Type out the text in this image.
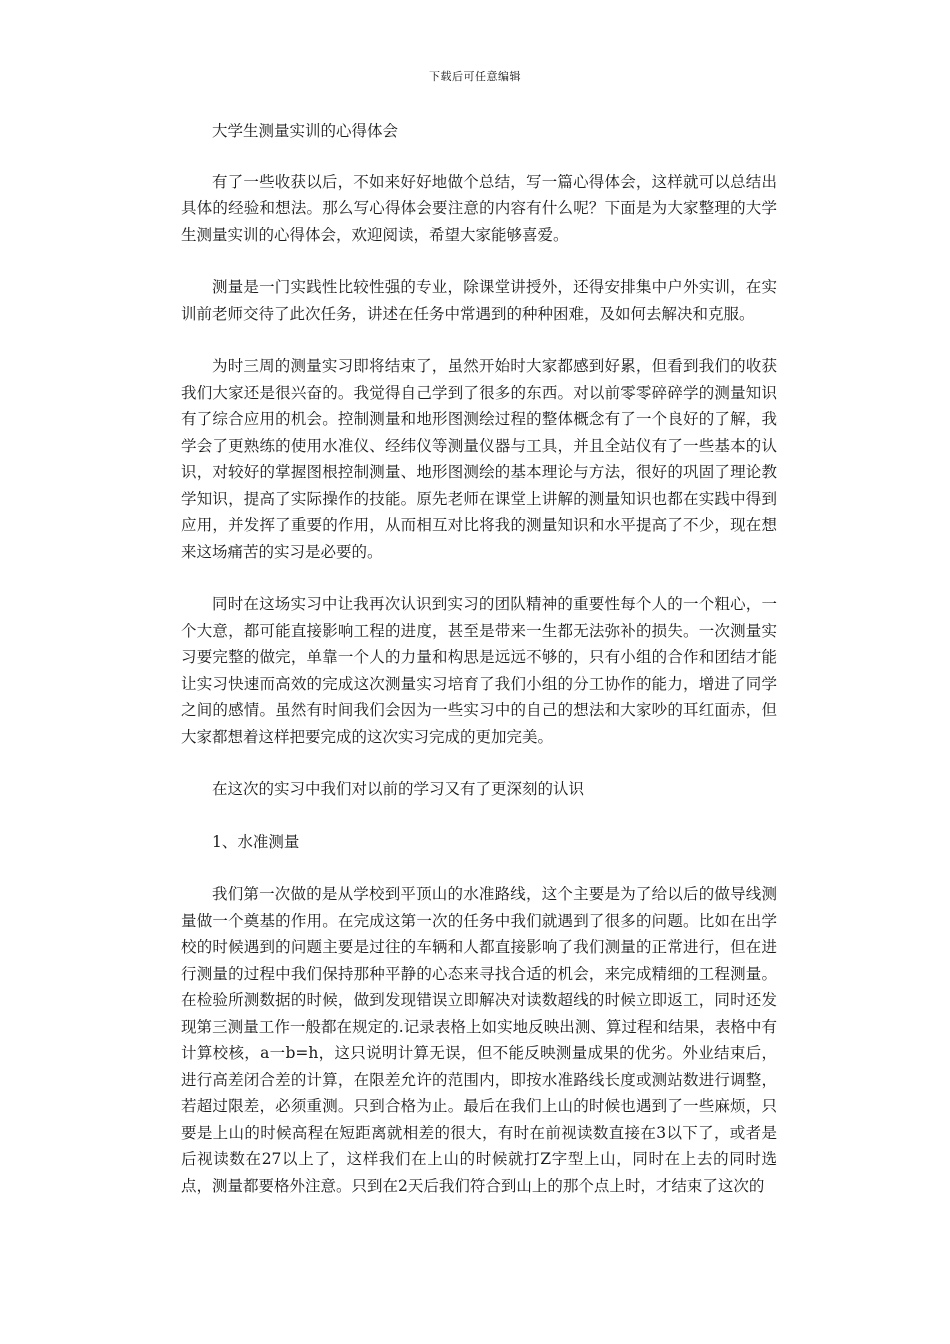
下载后可任意编辑

大学生测量实训的心得体会

有了一些收获以后，不如来好好地做个总结，写一篇心得体会，这样就可以总结出具体的经验和想法。那么写心得体会要注意的内容有什么呢？下面是为大家整理的大学生测量实训的心得体会，欢迎阅读，希望大家能够喜爱。

测量是一门实践性比较性强的专业，除课堂讲授外，还得安排集中户外实训，在实训前老师交待了此次任务，讲述在任务中常遇到的种种困难，及如何去解决和克服。

为时三周的测量实习即将结束了，虽然开始时大家都感到好累，但看到我们的收获我们大家还是很兴奋的。我觉得自己学到了很多的东西。对以前零零碎碎学的测量知识有了综合应用的机会。控制测量和地形图测绘过程的整体概念有了一个良好的了解，我学会了更熟练的使用水准仪、经纬仪等测量仪器与工具，并且全站仪有了一些基本的认识，对较好的掌握图根控制测量、地形图测绘的基本理论与方法，很好的巩固了理论教学知识，提高了实际操作的技能。原先老师在课堂上讲解的测量知识也都在实践中得到应用，并发挥了重要的作用，从而相互对比将我的测量知识和水平提高了不少，现在想来这场痛苦的实习是必要的。

同时在这场实习中让我再次认识到实习的团队精神的重要性每个人的一个粗心，一个大意，都可能直接影响工程的进度，甚至是带来一生都无法弥补的损失。一次测量实习要完整的做完，单靠一个人的力量和构思是远远不够的，只有小组的合作和团结才能让实习快速而高效的完成这次测量实习培育了我们小组的分工协作的能力，增进了同学之间的感情。虽然有时间我们会因为一些实习中的自己的想法和大家吵的耳红面赤，但大家都想着这样把要完成的这次实习完成的更加完美。

在这次的实习中我们对以前的学习又有了更深刻的认识

1、水准测量

我们第一次做的是从学校到平顶山的水准路线，这个主要是为了给以后的做导线测量做一个奠基的作用。在完成这第一次的任务中我们就遇到了很多的问题。比如在出学校的时候遇到的问题主要是过往的车辆和人都直接影响了我们测量的正常进行，但在进行测量的过程中我们保持那种平静的心态来寻找合适的机会，来完成精细的工程测量。在检验所测数据的时候，做到发现错误立即解决对读数超线的时候立即返工，同时还发现第三测量工作一般都在规定的.记录表格上如实地反映出测、算过程和结果，表格中有计算校核，a一b=h，这只说明计算无误，但不能反映测量成果的优劣。外业结束后，进行高差闭合差的计算，在限差允许的范围内，即按水准路线长度或测站数进行调整，若超过限差，必须重测。只到合格为止。最后在我们上山的时候也遇到了一些麻烦，只要是上山的时候高程在短距离就相差的很大，有时在前视读数直接在3以下了，或者是后视读数在27以上了，这样我们在上山的时候就打Z字型上山，同时在上去的同时选点，测量都要格外注意。只到在2天后我们符合到山上的那个点上时，才结束了这次的
